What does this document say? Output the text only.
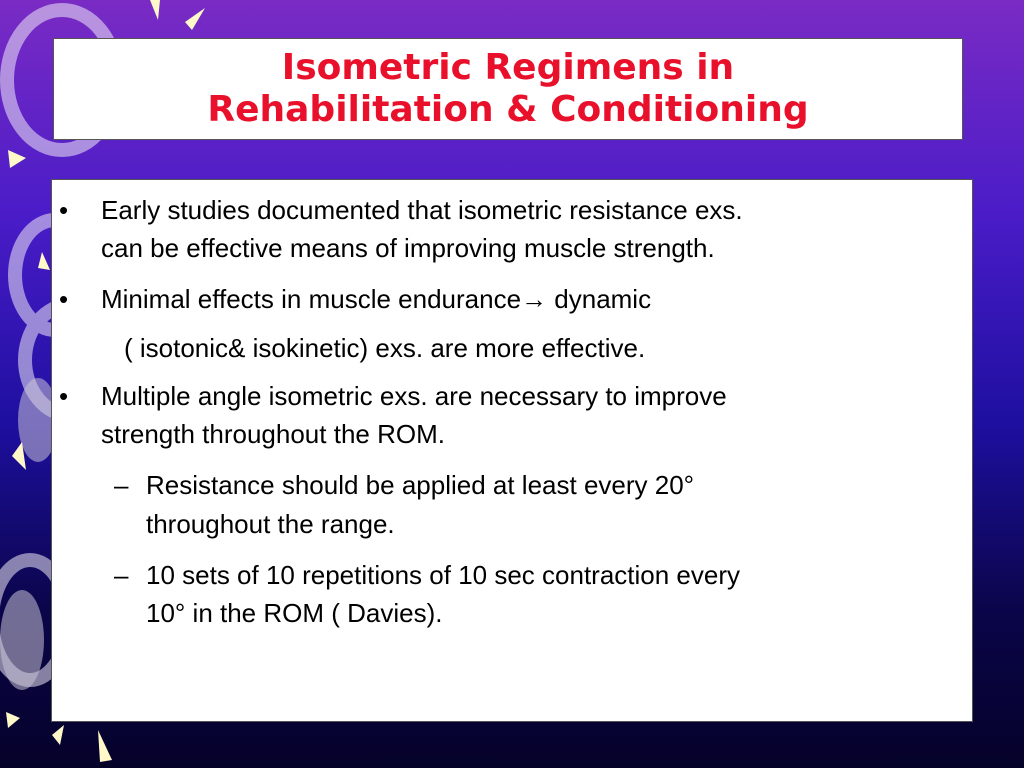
Isometric Regimens in
Rehabilitation & Conditioning
• Early studies documented that isometric resistance exs.
can be effective means of improving muscle strength.
• Minimal effects in muscle endurance→ dynamic
( isotonic& isokinetic) exs. are more effective.
• Multiple angle isometric exs. are necessary to improve
strength throughout the ROM.
– Resistance should be applied at least every 20°
throughout the range.
– 10 sets of 10 repetitions of 10 sec contraction every
10° in the ROM ( Davies).
